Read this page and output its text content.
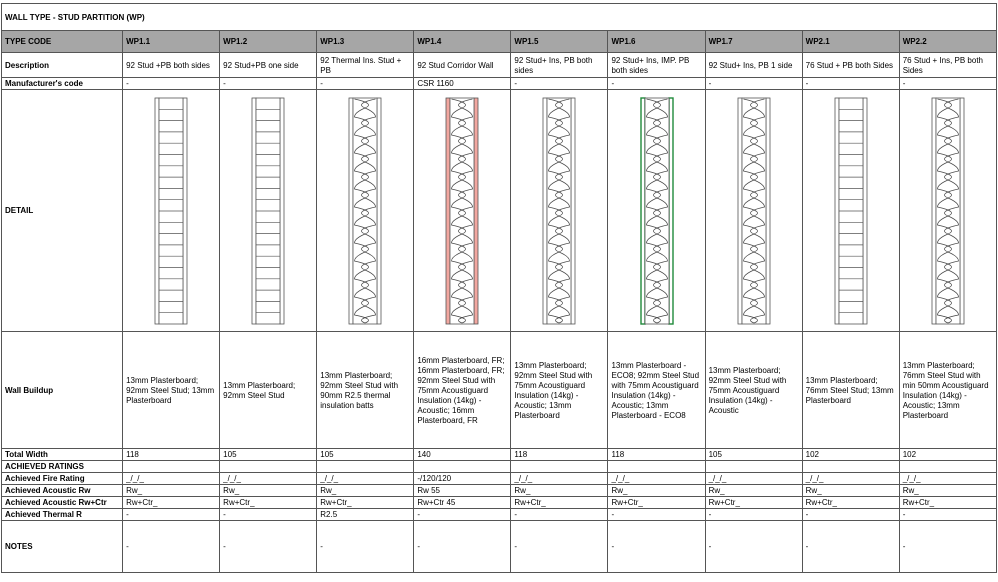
WALL TYPE - STUD PARTITION (WP)									
TYPE CODE	WP1.1	WP1.2	WP1.3	WP1.4	WP1.5	WP1.6	WP1.7	WP2.1	WP2.2
Description	92 Stud +PB both sides	92 Stud+PB one side	92 Thermal Ins. Stud + PB	92 Stud Corridor Wall	92 Stud+ Ins, PB both sides	92 Stud+ Ins, IMP. PB both sides	92 Stud+ Ins, PB 1 side	76 Stud + PB both Sides	76 Stud + Ins, PB both Sides
Manufacturer's code	-	-	-	CSR 1160	-	-	-	-	-
DETAIL	

Wall Buildup	13mm Plasterboard; 92mm Steel Stud; 13mm Plasterboard	13mm Plasterboard; 92mm Steel Stud	13mm Plasterboard; 92mm Steel Stud with 90mm R2.5 thermal insulation batts	16mm Plasterboard, FR; 16mm Plasterboard, FR; 92mm Steel Stud with 75mm Acoustiguard Insulation (14kg) - Acoustic; 16mm Plasterboard, FR	13mm Plasterboard; 92mm Steel Stud with 75mm Acoustiguard Insulation (14kg) - Acoustic; 13mm Plasterboard	13mm Plasterboard - ECO8; 92mm Steel Stud with 75mm Acoustiguard Insulation (14kg) - Acoustic; 13mm Plasterboard - ECO8	13mm Plasterboard; 92mm Steel Stud with 75mm Acoustiguard Insulation (14kg) - Acoustic	13mm Plasterboard; 76mm Steel Stud; 13mm Plasterboard	13mm Plasterboard; 76mm Steel Stud with min 50mm Acoustiguard Insulation (14kg) - Acoustic; 13mm Plasterboard
Total Width	118	105	105	140	118	118	105	102	102
ACHIEVED RATINGS									
Achieved Fire Rating	_/_/_	_/_/_	_/_/_	-/120/120	_/_/_	_/_/_	_/_/_	_/_/_	_/_/_
Achieved Acoustic Rw	Rw_	Rw_	Rw_	Rw 55	Rw_	Rw_	Rw_	Rw_	Rw_
Achieved Acoustic Rw+Ctr	Rw+Ctr_	Rw+Ctr_	Rw+Ctr_	Rw+Ctr 45	Rw+Ctr_	Rw+Ctr_	Rw+Ctr_	Rw+Ctr_	Rw+Ctr_
Achieved Thermal R	-	-	R2.5	-	-	-	-	-	-
NOTES	-	-	-	-	-	-	-	-	-
